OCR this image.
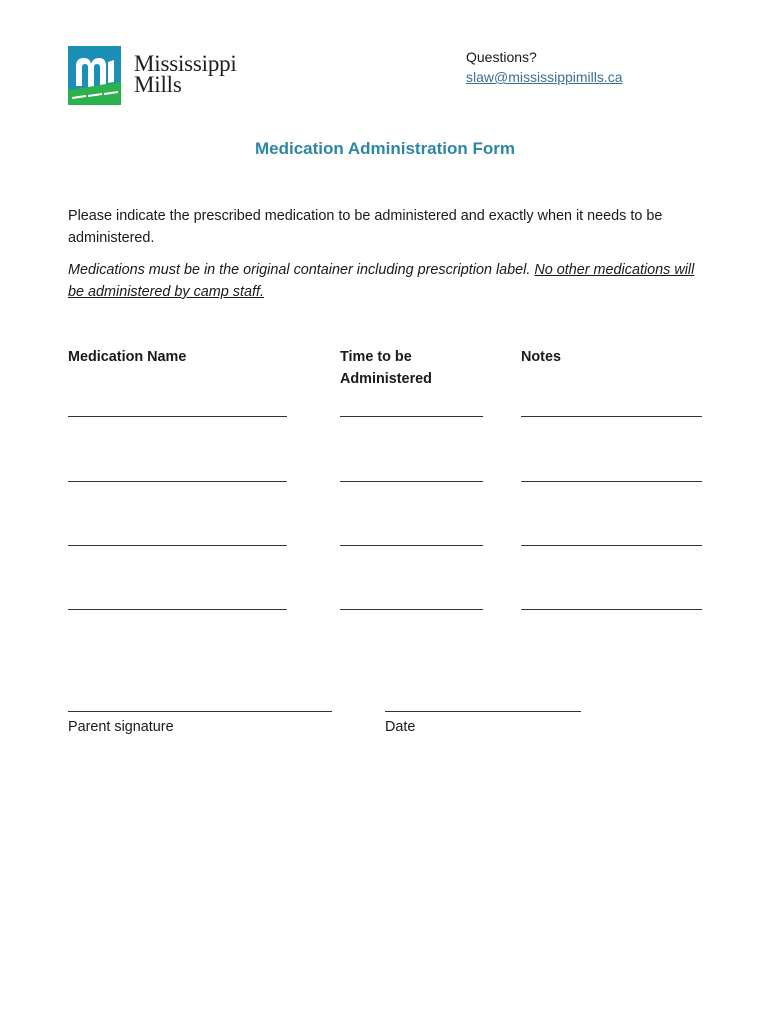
Mississippi
Mills
Questions?
slaw@mississippimills.ca
Medication Administration Form

Please indicate the prescribed medication to be administered and exactly when it needs to be administered.

Medications must be in the original container including prescription label. No other medications will be administered by camp staff.

Medication Name	Time to be
Administered
Notes
Parent signature	Date
